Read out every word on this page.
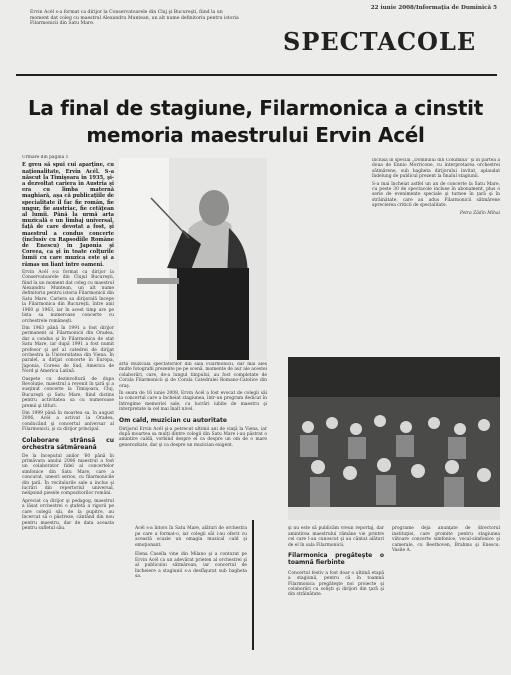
Ervin Acél s-a format ca dirijor la Conservatoarele din Cluj şi Bucureşti, fiind la un moment dat coleg cu maestrul Alexandru Muntean, un alt nume definitoriu pentru istoria Filarmonicii din Satu Mare.
22 iunie 2008/Informaţia de Duminică 5
SPECTACOLE
La final de stagiune, Filarmonica a cinstit
memoria maestrului Ervin Acél

Urmare din pagina 1

E greu să spui cui aparţine, cu naţionalitate, Ervin Acél. S-a născut la Timişoara în 1935, şi-a dezvoltat cariera în Austria şi era cu limba maternă maghiară, aşa că publicaţiile de specialitate îl fac fie român, fie ungur, fie austriac, fie cetăţean al lumii. Până la urmă arta muzicală e un limbaj universal, faţă de care devotat a fost, şi maestrul a condus concerte (inclusiv cu Rapsodiile Române de Enescu) în Japonia şi Coreea, ca şi în toate colţurile lumii cu care muzica este şi a rămas un liant între oameni.

Ervin Acél s-a format ca dirijor la Conservatoarele din Clujul Bucureşti, fiind la un moment dat coleg cu maestrul Alexandru Muntean, un alt nume definitoriu pentru istoria Filarmonicii din Satu Mare. Cariera sa dirijorală începe la Filarmonica din Bucureşti, între anii 1960 şi 1963, iar în acest timp are pe lista sa numeroase concerte cu orchestrele româneşti.

Din 1963 până în 1991 a fost dirijor permanent al Filarmonicii din Oradea, dar a condus şi în Filarmonica de stat Satu Mare, iar după 1991 a fost numit profesor şi şef al catedrei de dirijat orchestra la Universitatea din Viena. În paralel, a dirijat concerte în Europa, Japonia, Coreea de Sud, America de Nord şi America Latină.

Oaspete cu dezinvoltură de dupa Revoluţie, maestrul a revenit în ţară şi a susţinut concerte la Timişoara, Cluj, Bucureşti şi Satu Mare, fiind distins pentru activitatea sa cu numeroase premii şi titluri.

Din 1999 până în moartea sa, în august 2006, Acél a activat la Oradea, conducând şi concertul aniversar al Filarmonicii, şi ca dirijor principal.

Colaborare strânsă cu orchestra sătmăreană

De la începutul anilor '60 până în primăvara anului 2006 maestrul a fost un colaborator fidel al concertelor simfonice din Satu Mare, care a concurat, uneori serios, cu filarmonicile din ţară. În recitalurile sale a inclus şi lucrări din repertoriul universal, nelipsind piesele compozitorilor români.

Apreciat ca dirijor şi pedagog, maestrul a lăsat orchestrei o ştafetă a rigorii pe care colegii săi, de la pupitre, au încercat să o păstreze, cântând din nou pentru maestru, dar de data aceasta pentru sufletul său.

arta muzicală spectatorilor din sala Filarmonicii, dar mai ales multe fotografii prezente pe pe scenă, momente de aur ale acestei colaborări, care, de-a lungul timpului, au fost completate de Corala Filarmonicii şi de Corala Catedralei Romano-Catolice din oraş.

În seara de 16 iunie 2008, Ervin Acél a fost evocat de colegii săi la concertul care a încheiat stagiunea, într-un program dedicat în întregime memoriei sale, cu lucrări iubite de maestru şi interpretate la cel mai înalt nivel.

Om cald, muzician cu autoritate

Dirijorul Ervin Acél şi-a petrecut ultimii ani de viaţă la Viena, iar după moartea sa mulţi dintre colegii din Satu Mare i-au păstrat o amintire caldă, vorbind despre el ca despre un om de o mare generozitate, dar şi ca despre un muzician exigent.

inclusă în special „Domnului din Columbia” şi în partea a doua de Ennio Morricone, cu interpretarea orchestrei sătmărene, sub bagheta dirijorului invitat, aplaudat îndelung de publicul prezent la finalul stagiunii.

S-a mai încheiat astfel un an de concerte la Satu Mare, cu peste 30 de spectacole incluse în abonament, plus o serie de evenimente speciale şi turnee în ţară şi în străinătate, care au adus Filarmonicii sătmărene aprecierea criticii de specialitate.

Petra Zădin Mihai

Acél s-a întors în Satu Mare, alături de orchestra pe care a format-o, iar colegii săi i-au oferit cu această ocazie un omagiu muzical cald şi emoţionant.

Elena Casella vine din Milano şi a conturat pe Ervin Acél ca un adevărat prieten al orchestrei şi al publicului sătmărean, iar concertul de încheiere a stagiunii s-a desfăşurat sub bagheta sa.

şi nu este să publicăm vreun reportaj, dar amintirea maestrului rămâne vie printre cei care l-au cunoscut şi au cântat alături de el în sala Filarmonicii.

Filarmonica pregăteşte o toamnă fierbinte

Concertul festiv a fost doar o ultimă etapă a stagiunii, pentru că în toamnă Filarmonica pregăteşte noi proiecte şi colaborări cu solişti şi dirijori din ţară şi din străinătate.

programe deja anunţate de directorul instituţiei, care promite pentru stagiunea viitoare concerte simfonice, vocal-simfonice şi camerale, cu Beethoven, Brahms şi Enescu. Vasile A.
